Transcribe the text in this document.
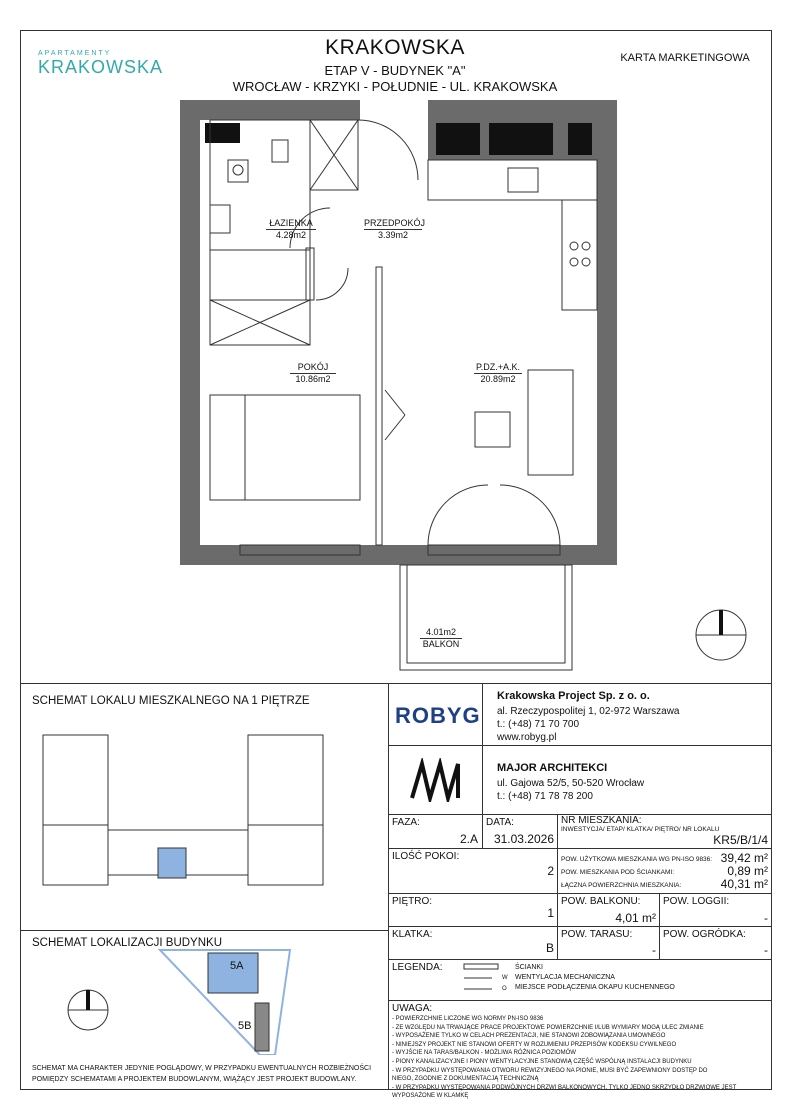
APARTAMENTY
KRAKOWSKA
KRAKOWSKA
ETAP V - BUDYNEK "A"
WROCŁAW - KRZYKI - POŁUDNIE - UL. KRAKOWSKA
KARTA MARKETINGOWA
ŁAZIENKA
4.28m2
PRZEDPOKÓJ
3.39m2
POKÓJ
10.86m2
P.DZ.+A.K.
20.89m2
4.01m2
BALKON
SCHEMAT LOKALU MIESZKALNEGO NA 1 PIĘTRZE
SCHEMAT LOKALIZACJI BUDYNKU
5A
5B
SCHEMAT MA CHARAKTER JEDYNIE POGLĄDOWY, W PRZYPADKU EWENTUALNYCH ROZBIEŻNOŚCI
POMIĘDZY SCHEMATAMI A PROJEKTEM BUDOWLANYM, WIĄŻĄCY JEST PROJEKT BUDOWLANY.
ROBYG
Krakowska Project Sp. z o. o.
al. Rzeczypospolitej 1, 02-972 Warszawa
t.: (+48) 71 70 700
www.robyg.pl
MAJOR ARCHITEKCI
ul. Gajowa 52/5, 50-520 Wrocław
t.: (+48) 71 78 78 200
FAZA:
2.A
DATA:
31.03.2026
NR MIESZKANIA:
INWESTYCJA/ ETAP/ KLATKA/ PIĘTRO/ NR LOKALU
KR5/B/1/4
ILOŚĆ POKOI:
2
POW. UŻYTKOWA MIESZKANIA WG PN-ISO 9836: 39,42 m²
POW. MIESZKANIA POD ŚCIANKAMI:	0,89 m²
ŁĄCZNA POWIERZCHNIA MIESZKANIA:	40,31 m²
PIĘTRO:
1
POW. BALKONU:
4,01 m²
POW. LOGGII:
-
KLATKA:
B
POW. TARASU:
-
POW. OGRÓDKA:
-
LEGENDA:
W
O
ŚCIANKI
WENTYLACJA MECHANICZNA
MIEJSCE PODŁĄCZENIA OKAPU KUCHENNEGO
UWAGA:
- POWIERZCHNIE LICZONE WG NORMY PN-ISO 9836
- ZE WZGLĘDU NA TRWAJĄCE PRACE PROJEKTOWE POWIERZCHNIE I/LUB WYMIARY MOGĄ ULEC ZMIANIE
- WYPOSAŻENIE TYLKO W CELACH PREZENTACJI, NIE STANOWI ZOBOWIĄZANIA UMOWNEGO
- NINIEJSZY PROJEKT NIE STANOWI OFERTY W ROZUMIENIU PRZEPISÓW KODEKSU CYWILNEGO
- WYJŚCIE NA TARAS/BALKON - MOŻLIWA RÓŻNICA POZIOMÓW
- PIONY KANALIZACYJNE I PIONY WENTYLACYJNE STANOWIĄ CZĘŚĆ WSPÓLNĄ INSTALACJI BUDYNKU
- W PRZYPADKU WYSTĘPOWANIA OTWORU REWIZYJNEGO NA PIONIE, MUSI BYĆ ZAPEWNIONY DOSTĘP DO
NIEGO, ZGODNIE Z DOKUMENTACJĄ TECHNICZNĄ
- W PRZYPADKU WYSTĘPOWANIA PODWÓJNYCH DRZWI BALKONOWYCH, TYLKO JEDNO SKRZYDŁO DRZWIOWE JEST
WYPOSAŻONE W KLAMKĘ
